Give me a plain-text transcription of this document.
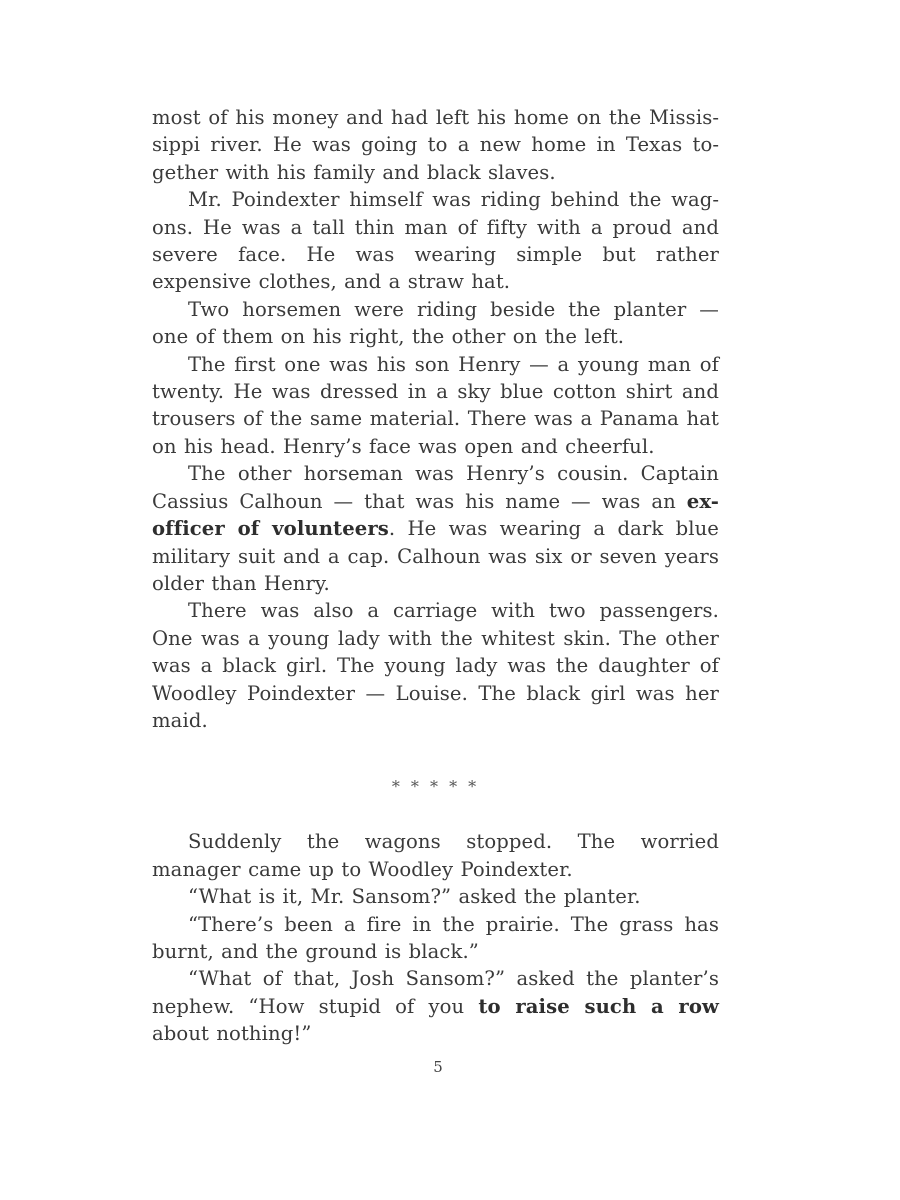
most of his money and had left his home on the Mississippi river. He was going to a new home in Texas together with his family and black slaves.

Mr. Poindexter himself was riding behind the wagons. He was a tall thin man of fifty with a proud and severe face. He was wearing simple but rather expensive clothes, and a straw hat.

Two horsemen were riding beside the planter — one of them on his right, the other on the left.

The first one was his son Henry — a young man of twenty. He was dressed in a sky blue cotton shirt and trousers of the same material. There was a Panama hat on his head. Henry’s face was open and cheerful.

The other horseman was Henry’s cousin. Captain Cassius Calhoun — that was his name — was an ex-officer of volunteers. He was wearing a dark blue military suit and a cap. Calhoun was six or seven years older than Henry.

There was also a carriage with two passengers. One was a young lady with the whitest skin. The other was a black girl. The young lady was the daughter of Woodley Poindexter — Louise. The black girl was her maid.

* * * * *

Suddenly the wagons stopped. The worried manager came up to Woodley Poindexter.

“What is it, Mr. Sansom?” asked the planter.

“There’s been a fire in the prairie. The grass has burnt, and the ground is black.”

“What of that, Josh Sansom?” asked the planter’s nephew. “How stupid of you to raise such a row about nothing!”

5
